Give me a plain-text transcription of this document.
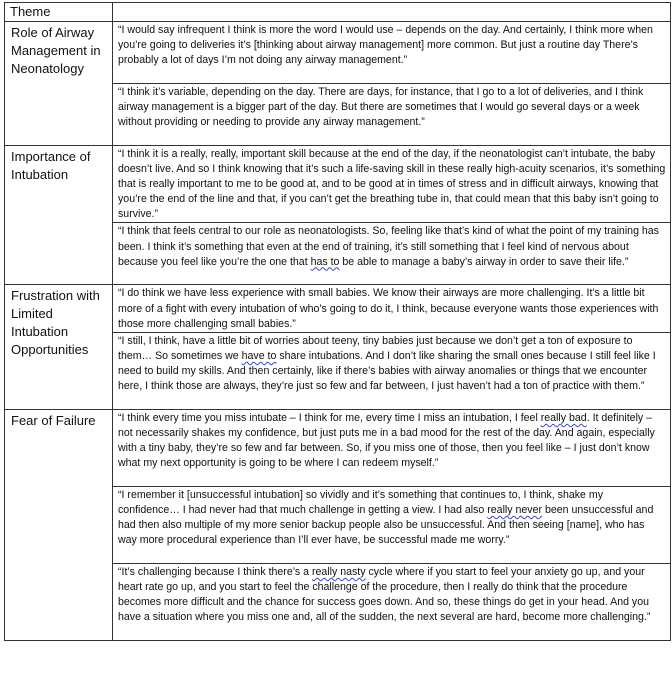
Theme	
Role of Airway Management in Neonatology	“I would say infrequent I think is more the word I would use – depends on the day. And certainly, I think more when you’re going to deliveries it’s [thinking about airway management] more common. But just a routine day There’s probably a lot of days I’m not doing any airway management.”
	“I think it’s variable, depending on the day. There are days, for instance, that I go to a lot of deliveries, and I think airway management is a bigger part of the day. But there are sometimes that I would go several days or a week without providing or needing to provide any airway management.”
Importance of Intubation	“I think it is a really, really, important skill because at the end of the day, if the neonatologist can’t intubate, the baby doesn’t live. And so I think knowing that it’s such a life-saving skill in these really high-acuity scenarios, it’s something that is really important to me to be good at, and to be good at in times of stress and in difficult airways, knowing that you’re the end of the line and that, if you can’t get the breathing tube in, that could mean that this baby isn’t going to survive.”
	“I think that feels central to our role as neonatologists. So, feeling like that’s kind of what the point of my training has been. I think it’s something that even at the end of training, it’s still something that I feel kind of nervous about because you feel like you’re the one that has to be able to manage a baby’s airway in order to save their life.”
Frustration with Limited Intubation Opportunities	“I do think we have less experience with small babies. We know their airways are more challenging. It’s a little bit more of a fight with every intubation of who’s going to do it, I think, because everyone wants those experiences with those more challenging small babies.”
	“I still, I think, have a little bit of worries about teeny, tiny babies just because we don’t get a ton of exposure to them… So sometimes we have to share intubations. And I don’t like sharing the small ones because I still feel like I need to build my skills. And then certainly, like if there’s babies with airway anomalies or things that we encounter here, I think those are always, they’re just so few and far between, I just haven’t had a ton of practice with them.”
Fear of Failure	“I think every time you miss intubate – I think for me, every time I miss an intubation, I feel really bad. It definitely – not necessarily shakes my confidence, but just puts me in a bad mood for the rest of the day. And again, especially with a tiny baby, they’re so few and far between. So, if you miss one of those, then you feel like – I just don’t know what my next opportunity is going to be where I can redeem myself.”
	“I remember it [unsuccessful intubation] so vividly and it’s something that continues to, I think, shake my confidence… I had never had that much challenge in getting a view. I had also really never been unsuccessful and had then also multiple of my more senior backup people also be unsuccessful. And then seeing [name], who has way more procedural experience than I’ll ever have, be successful made me worry.”
	“It’s challenging because I think there’s a really nasty cycle where if you start to feel your anxiety go up, and your heart rate go up, and you start to feel the challenge of the procedure, then I really do think that the procedure becomes more difficult and the chance for success goes down. And so, these things do get in your head. And you have a situation where you miss one and, all of the sudden, the next several are hard, become more challenging.”
